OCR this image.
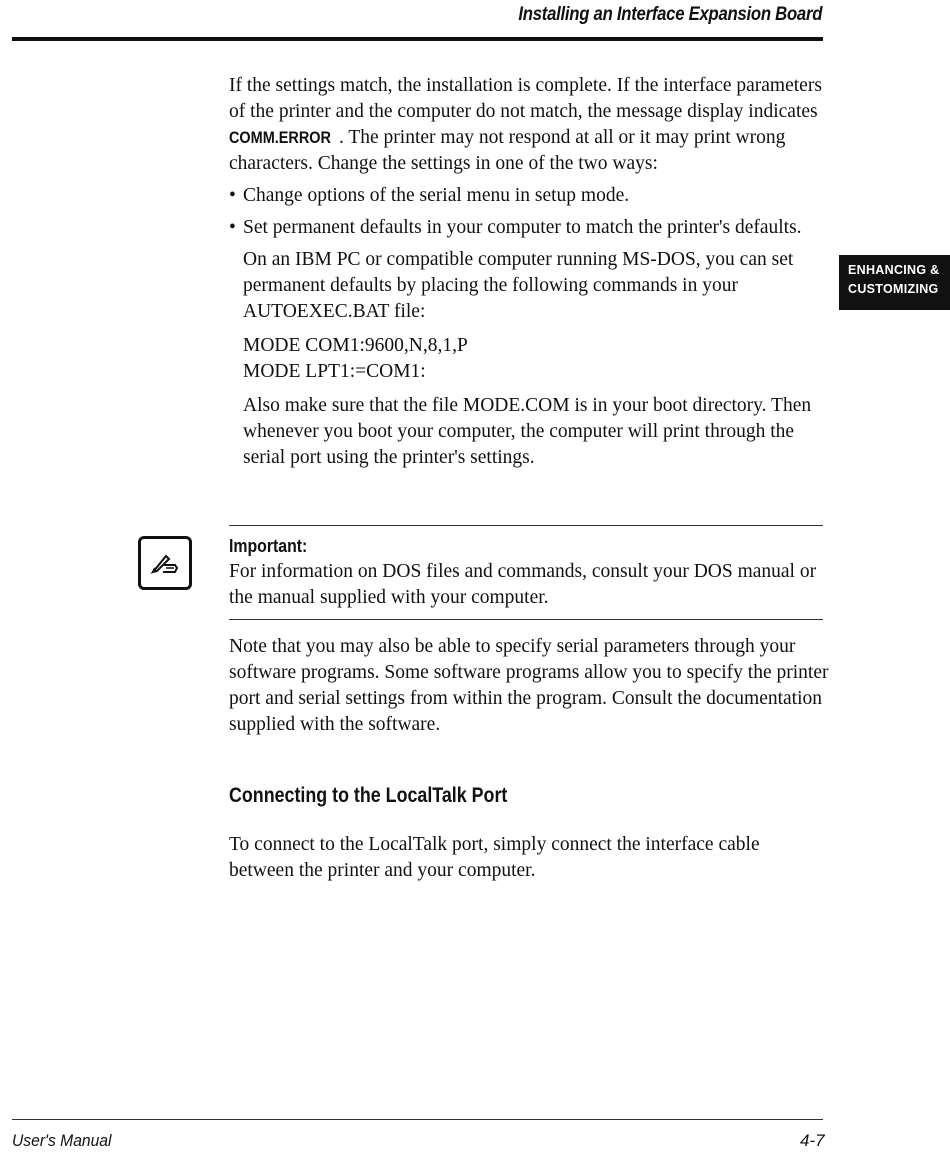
Installing an Interface Expansion Board
ENHANCING &
CUSTOMIZING

If the settings match, the installation is complete. If the interface parameters of the printer and the computer do not match, the message display indicates COMM.ERROR . The printer may not respond at all or it may print wrong characters. Change the settings in one of the two ways:

• Change options of the serial menu in setup mode.
• Set permanent defaults in your computer to match the printer's defaults.

On an IBM PC or compatible computer running MS-DOS, you can set permanent defaults by placing the following commands in your AUTOEXEC.BAT file:

MODE COM1:9600,N,8,1,P
MODE LPT1:=COM1:

Also make sure that the file MODE.COM is in your boot directory. Then whenever you boot your computer, the computer will print through the serial port using the printer's settings.

Important:
For information on DOS files and commands, consult your DOS manual or the manual supplied with your computer.

Note that you may also be able to specify serial parameters through your software programs. Some software programs allow you to specify the printer port and serial settings from within the program. Consult the documentation supplied with the software.

Connecting to the LocalTalk Port

To connect to the LocalTalk port, simply connect the interface cable between the printer and your computer.

User's Manual	4-7
